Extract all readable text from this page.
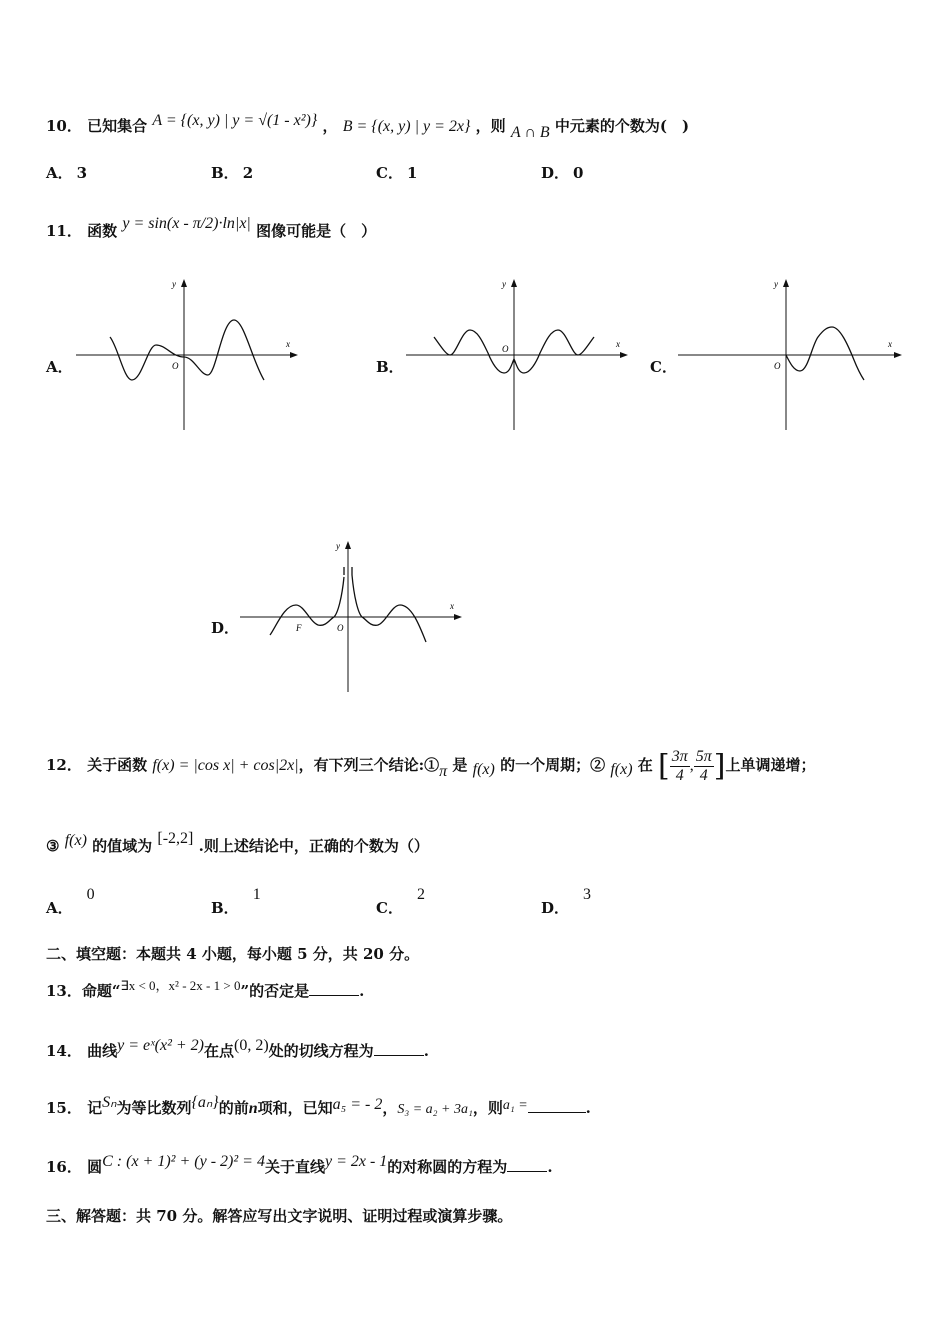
10． 已知集合 A = {(x, y) | y = √(1 - x²)} ， B = {(x, y) | y = 2x} ，则 A ∩ B 中元素的个数为(　)
A． 3	B． 2	C． 1	D． 0
11． 函数 y = sin(x - π/2)·ln|x| 图像可能是（　）
A．
y
x
O	B．
y
x
O
C．
y
x
O
D．
y
x
O
F
12． 关于函数 f(x) = |cos x| + cos|2x|，有下列三个结论:①π 是 f(x) 的一个周期；② f(x) 在 [ $\frac{3\pi}{4}$ , $\frac{5\pi}{4}$ ]上单调递增；
③ f(x) 的值域为 [-2,2] .则上述结论中，正确的个数为（）
A．0
B．1
C．2
D．3
二、填空题：本题共 4 小题，每小题 5 分，共 20 分。
13．命题“∃x < 0，x² - 2x - 1 > 0”的否定是	.
14． 曲线y = eˣ(x² + 2)在点(0, 2)处的切线方程为	.
15． 记Sₙ为等比数列{aₙ}的前n项和，已知a₅ = - 2，S₃ = a₂ + 3a₁，则a₁ =	.
16． 圆C : (x + 1)² + (y - 2)² = 4关于直线y = 2x - 1的对称圆的方程为	.
三、解答题：共 70 分。解答应写出文字说明、证明过程或演算步骤。
